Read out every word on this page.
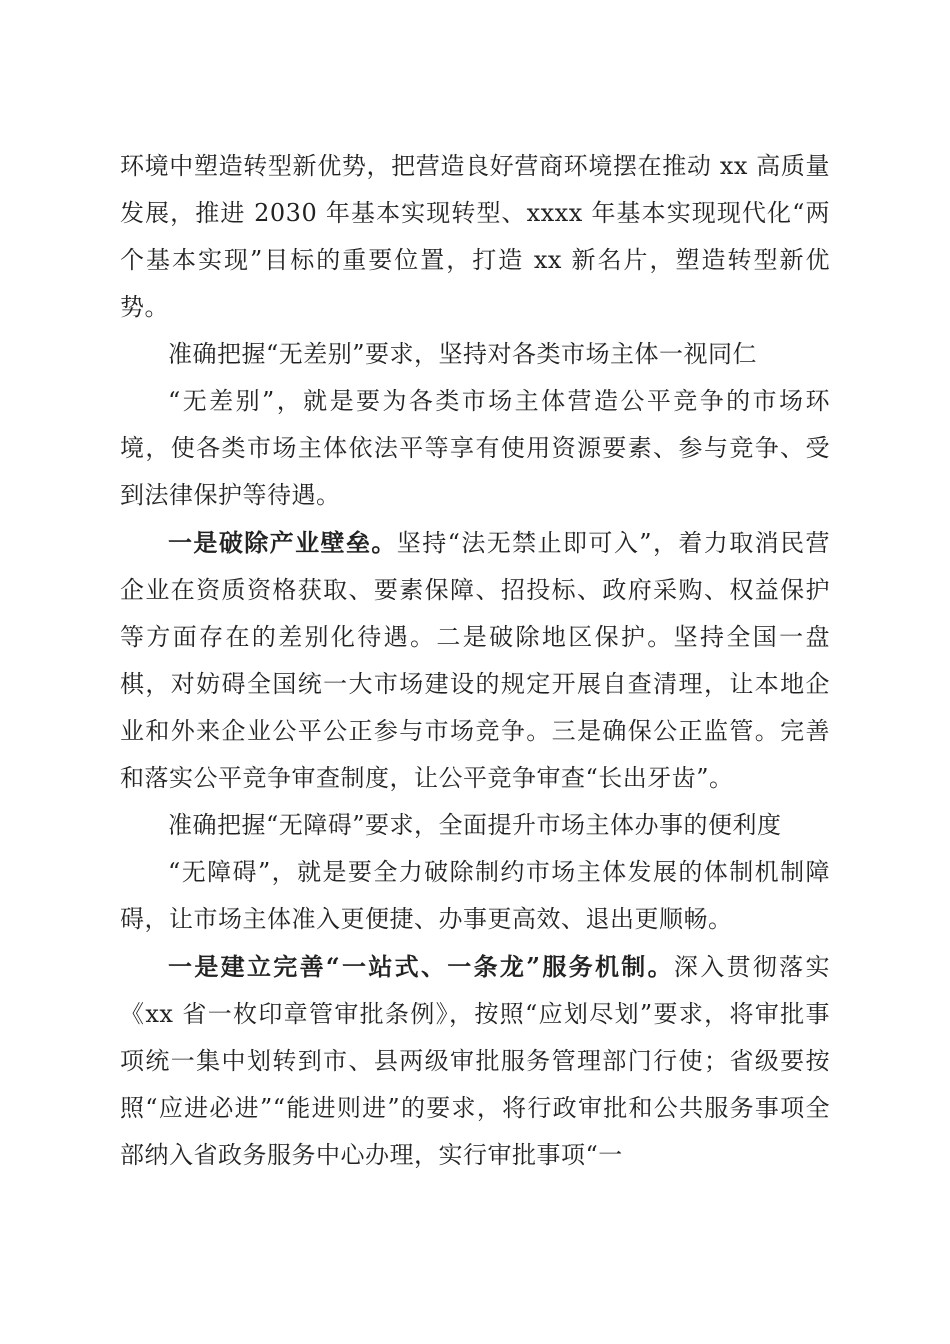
环境中塑造转型新优势，把营造良好营商环境摆在推动 xx 高质量发展，推进 2030 年基本实现转型、xxxx 年基本实现现代化“两个基本实现”目标的重要位置，打造 xx 新名片，塑造转型新优势。

准确把握“无差别”要求，坚持对各类市场主体一视同仁

“无差别”，就是要为各类市场主体营造公平竞争的市场环境，使各类市场主体依法平等享有使用资源要素、参与竞争、受到法律保护等待遇。

一是破除产业壁垒。坚持“法无禁止即可入”，着力取消民营企业在资质资格获取、要素保障、招投标、政府采购、权益保护等方面存在的差别化待遇。二是破除地区保护。坚持全国一盘棋，对妨碍全国统一大市场建设的规定开展自查清理，让本地企业和外来企业公平公正参与市场竞争。三是确保公正监管。完善和落实公平竞争审查制度，让公平竞争审查“长出牙齿”。

准确把握“无障碍”要求，全面提升市场主体办事的便利度

“无障碍”，就是要全力破除制约市场主体发展的体制机制障碍，让市场主体准入更便捷、办事更高效、退出更顺畅。

一是建立完善“一站式、一条龙”服务机制。深入贯彻落实《xx 省一枚印章管审批条例》，按照“应划尽划”要求，将审批事项统一集中划转到市、县两级审批服务管理部门行使；省级要按照“应进必进”“能进则进”的要求，将行政审批和公共服务事项全部纳入省政务服务中心办理，实行审批事项“一
